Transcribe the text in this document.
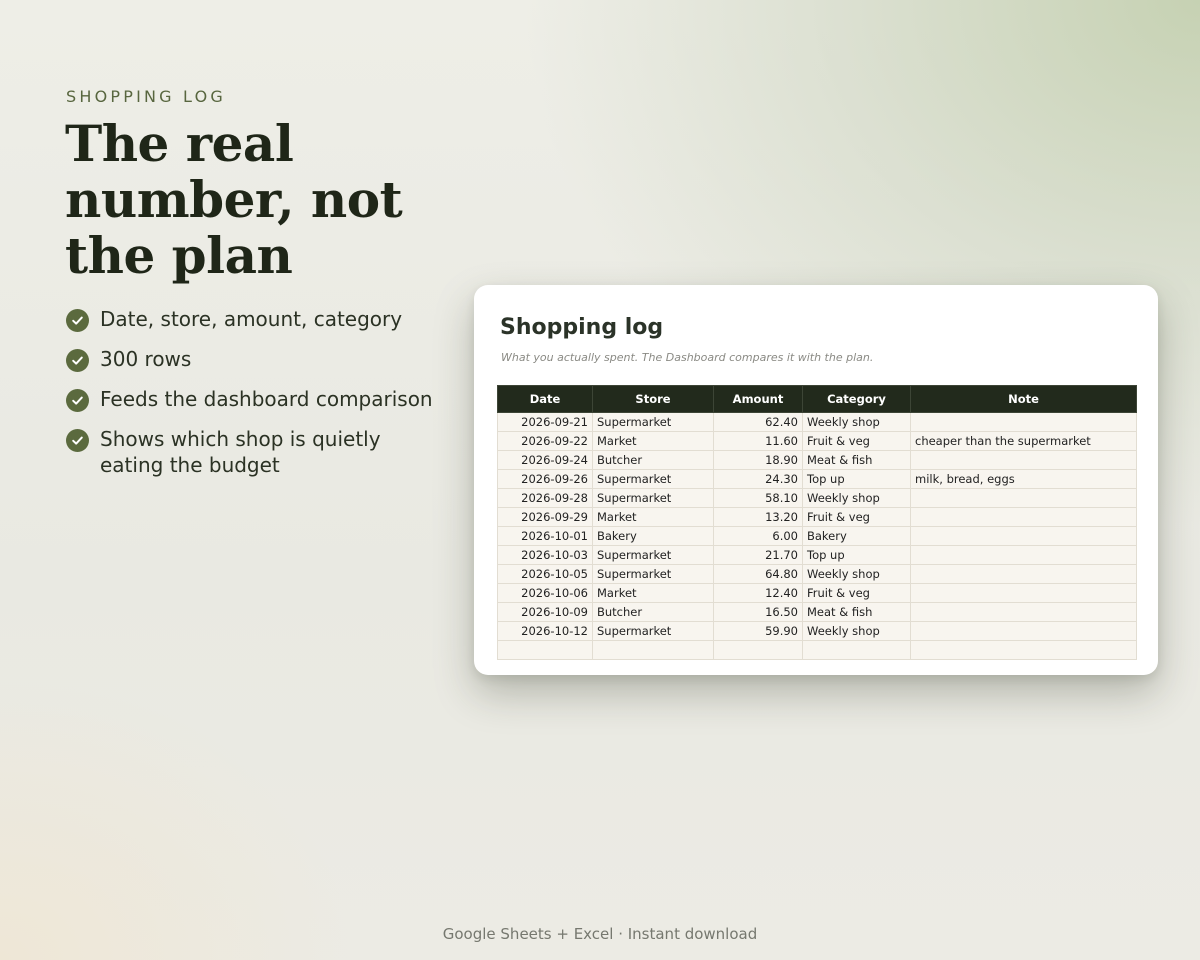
SHOPPING LOG
The real number, not the plan
Date, store, amount, category
300 rows
Feeds the dashboard comparison
Shows which shop is quietly eating the budget
Shopping log
What you actually spent. The Dashboard compares it with the plan.
Date	Store	Amount	Category	Note
2026-09-21	Supermarket	62.40	Weekly shop	
2026-09-22	Market	11.60	Fruit & veg	cheaper than the supermarket
2026-09-24	Butcher	18.90	Meat & fish	
2026-09-26	Supermarket	24.30	Top up	milk, bread, eggs
2026-09-28	Supermarket	58.10	Weekly shop	
2026-09-29	Market	13.20	Fruit & veg	
2026-10-01	Bakery	6.00	Bakery	
2026-10-03	Supermarket	21.70	Top up	
2026-10-05	Supermarket	64.80	Weekly shop	
2026-10-06	Market	12.40	Fruit & veg	
2026-10-09	Butcher	16.50	Meat & fish	
2026-10-12	Supermarket	59.90	Weekly shop	

Google Sheets + Excel · Instant download
